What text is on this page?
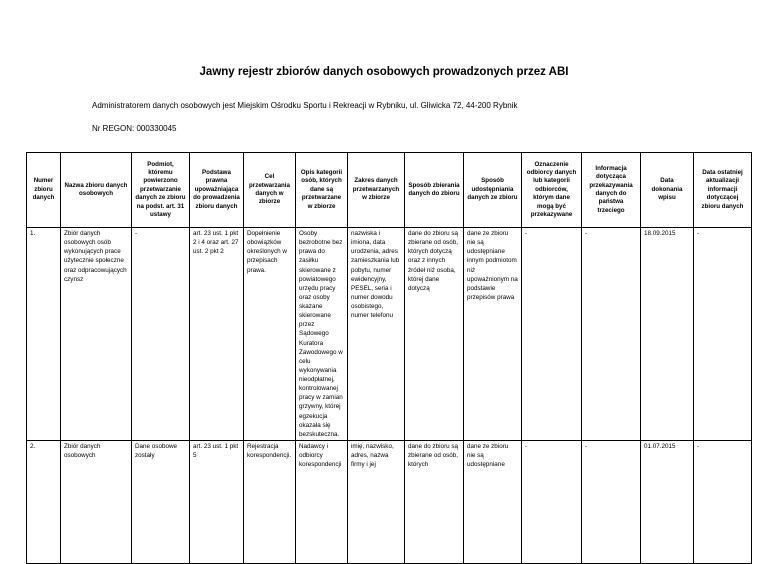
Jawny rejestr zbiorów danych osobowych prowadzonych przez ABI
Administratorem danych osobowych jest Miejskim Ośrodku Sportu i Rekreacji w Rybniku, ul. Gliwicka 72, 44-200 Rybnik
Nr REGON: 000330045
Numer zbioru danych	Nazwa zbioru danych osobowych	Podmiot, któremu powierzono przetwarzanie danych ze zbioru na podst. art. 31 ustawy	Podstawa prawna upoważniająca do prowadzenia zbioru danych	Cel przetwarzania danych w zbiorze	Opis kategorii osób, których dane są przetwarzane w zbiorze	Zakres danych przetwarzanych w zbiorze	Sposób zbierania danych do zbioru	Sposób udostępniania danych ze zbioru	Oznaczenie odbiorcy danych lub kategorii odbiorców, którym dane mogą być przekazywane	Informacja dotycząca przekazywania danych do państwa trzeciego	Data dokonania wpisu	Data ostatniej aktualizacji informacji dotyczącej zbioru danych
1.	Zbiór danych osobowych osób wykonujących prace użytecznie społeczne oraz odpracowujących czynsz	-	art. 23 ust. 1 pkt 2 i 4 oraz art. 27 ust. 2 pkt 2	Dopełnienie obowiązków określonych w przepisach prawa.	Osoby bezrobotne bez prawa do zasiłku skierowane z powiatowego urzędu pracy oraz osoby skazane skierowane przez Sądowego Kuratora Zawodowego w celu wykonywania nieodpłatnej, kontrolowanej pracy w zamian grzywny, której egzekucja okazała się bezskuteczna.	nazwiska i imiona, data urodzenia, adres zamieszkania lub pobytu, numer ewidencyjny, PESEL, seria i numer dowodu osobistego, numer telefonu	dane do zbioru są zbierane od osób, których dotyczą oraz z innych źródeł niż osoba, której dane dotyczą	dane ze zbioru nie są udostępniane innym podmiotom niż upoważnionym na podstawie przepisów prawa	-	-	18.09.2015	-
2.	Zbiór danych osobowych	Dane osobowe zostały	art. 23 ust. 1 pkt 5	Rejestracja korespondencji.	Nadawcy i odbiorcy korespondencji	imię, nazwisko, adres, nazwa firmy i jej	dane do zbioru są zbierane od osób, których	dane ze zbioru nie są udostępniane	-	-	01.07.2015	-
